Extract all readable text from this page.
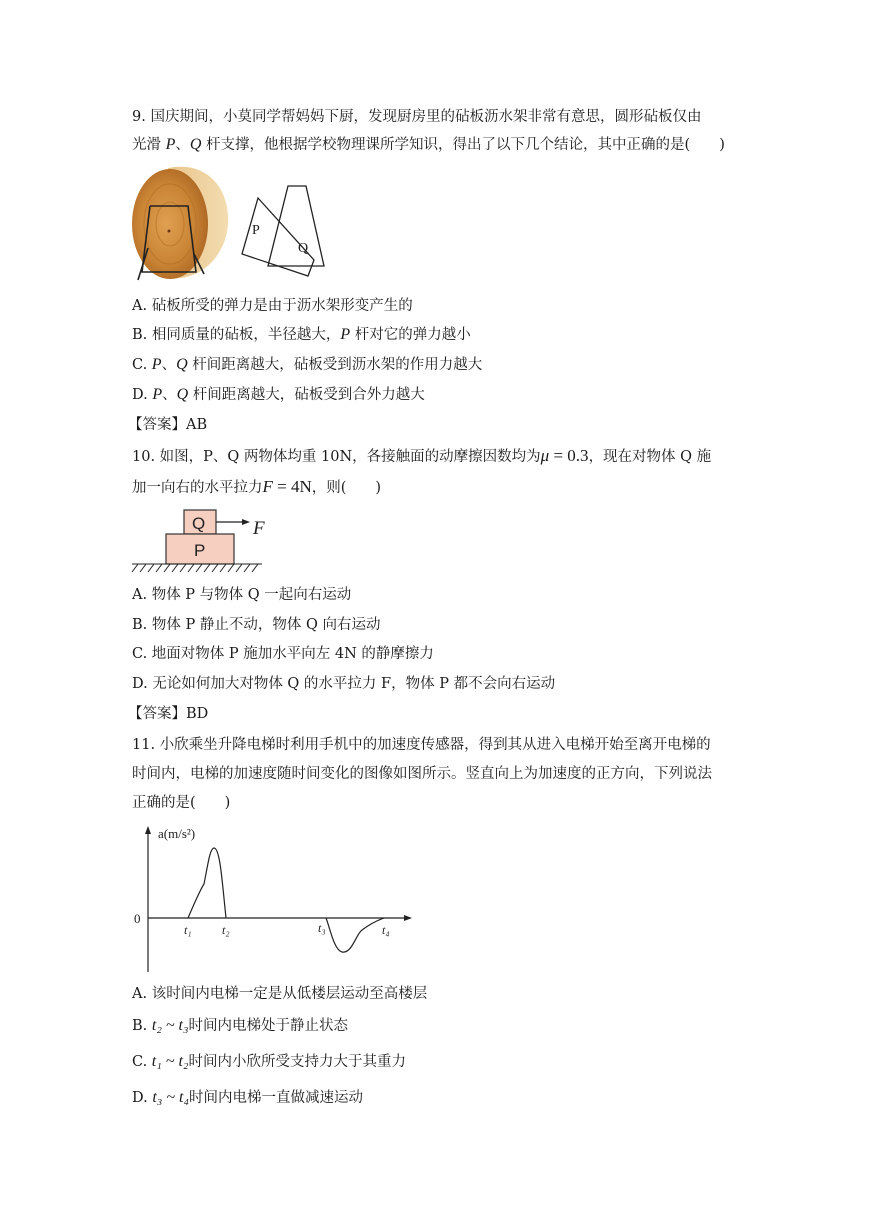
9. 国庆期间，小莫同学帮妈妈下厨，发现厨房里的砧板沥水架非常有意思，圆形砧板仅由
光滑 P、Q 杆支撑，他根据学校物理课所学知识，得出了以下几个结论，其中正确的是(　　)
P
Q
A. 砧板所受的弹力是由于沥水架形变产生的
B. 相同质量的砧板，半径越大，P 杆对它的弹力越小
C. P、Q 杆间距离越大，砧板受到沥水架的作用力越大
D. P、Q 杆间距离越大，砧板受到合外力越大
【答案】AB
10. 如图，P、Q 两物体均重 10N，各接触面的动摩擦因数均为μ = 0.3，现在对物体 Q 施
加一向右的水平拉力F = 4N，则(　　)
Q
P
F
A. 物体 P 与物体 Q 一起向右运动
B. 物体 P 静止不动，物体 Q 向右运动
C. 地面对物体 P 施加水平向左 4N 的静摩擦力
D. 无论如何加大对物体 Q 的水平拉力 F，物体 P 都不会向右运动
【答案】BD
11. 小欣乘坐升降电梯时利用手机中的加速度传感器，得到其从进入电梯开始至离开电梯的
时间内，电梯的加速度随时间变化的图像如图所示。竖直向上为加速度的正方向，下列说法
正确的是(　　)
a(m/s²)
0
t₁	t₂	t₃	t₄
A. 该时间内电梯一定是从低楼层运动至高楼层
B. t₂ ~ t₃时间内电梯处于静止状态
C. t₁ ~ t₂时间内小欣所受支持力大于其重力
D. t₃ ~ t₄时间内电梯一直做减速运动
